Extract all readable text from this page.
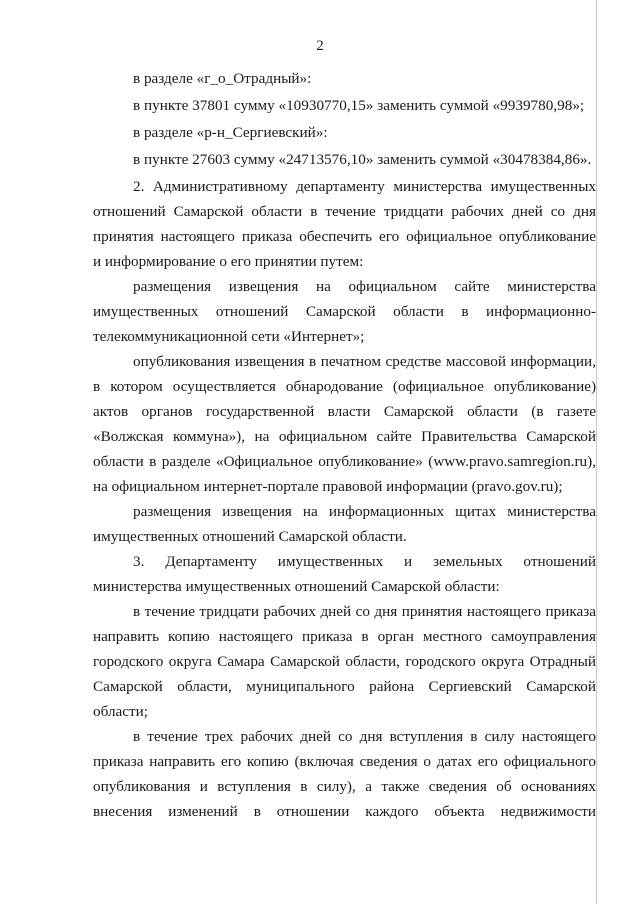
2
в разделе «г_о_Отрадный»:
в пункте 37801 сумму «10930770,15» заменить суммой «9939780,98»;
в разделе «р-н_Сергиевский»:
в пункте 27603 сумму «24713576,10» заменить суммой «30478384,86».
2. Административному департаменту министерства имущественных
отношений Самарской области в течение тридцати рабочих дней со дня
принятия настоящего приказа обеспечить его официальное опубликование
и информирование о его принятии путем:
размещения извещения на официальном сайте министерства
имущественных отношений Самарской области в информационно-
телекоммуникационной сети «Интернет»;
опубликования извещения в печатном средстве массовой информации,
в котором осуществляется обнародование (официальное опубликование)
актов органов государственной власти Самарской области (в газете
«Волжская коммуна»), на официальном сайте Правительства Самарской
области в разделе «Официальное опубликование» (www.pravo.samregion.ru),
на официальном интернет-портале правовой информации (pravo.gov.ru);
размещения извещения на информационных щитах министерства
имущественных отношений Самарской области.
3. Департаменту имущественных и земельных отношений
министерства имущественных отношений Самарской области:
в течение тридцати рабочих дней со дня принятия настоящего приказа
направить копию настоящего приказа в орган местного самоуправления
городского округа Самара Самарской области, городского округа Отрадный
Самарской области, муниципального района Сергиевский Самарской
области;
в течение трех рабочих дней со дня вступления в силу настоящего
приказа направить его копию (включая сведения о датах его официального
опубликования и вступления в силу), а также сведения об основаниях
внесения изменений в отношении каждого объекта недвижимости
